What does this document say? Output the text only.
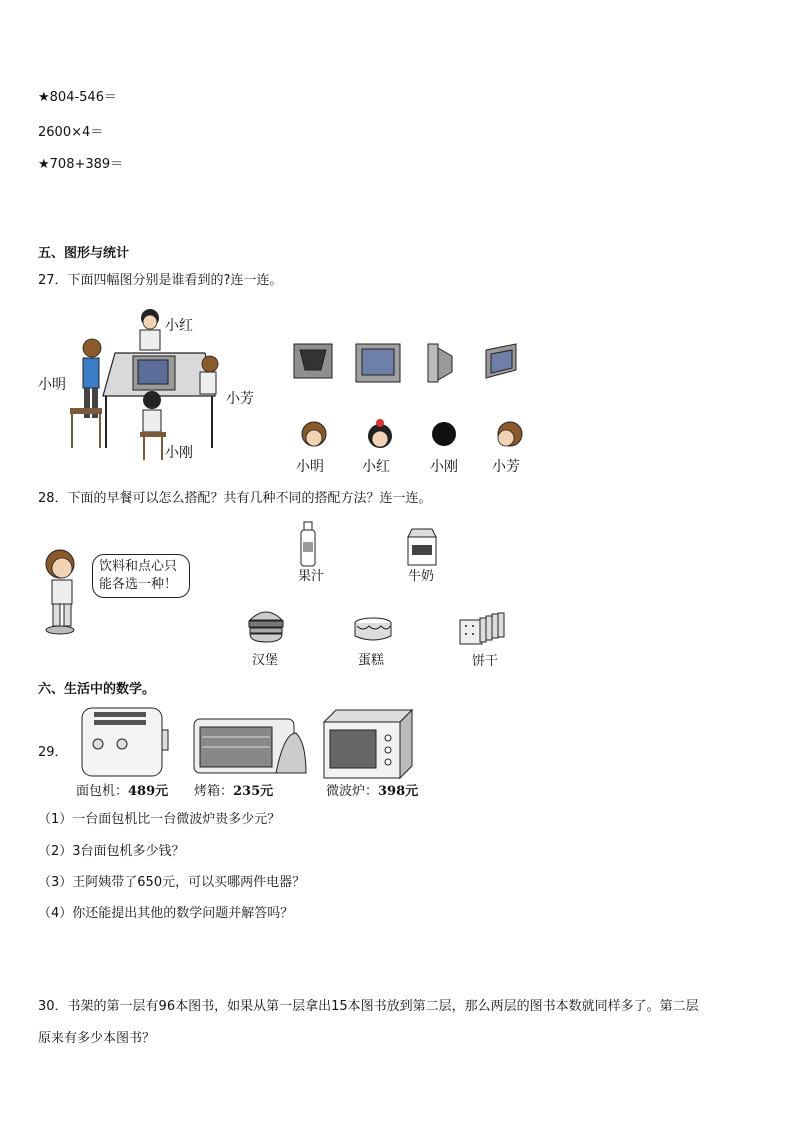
★804-546＝
2600×4＝
★708+389＝
五、图形与统计
27．下面四幅图分别是谁看到的?连一连。
小红
小明
小芳
小刚
小明	小红	小刚 小芳
28．下面的早餐可以怎么搭配？共有几种不同的搭配方法？连一连。
饮料和点心只
能各选一种！
果汁	牛奶
汉堡	蛋糕	饼干
六、生活中的数学。
29．
面包机：489元 烤箱：235元	微波炉：398元
（1）一台面包机比一台微波炉贵多少元？
（2）3台面包机多少钱？
（3）王阿姨带了650元，可以买哪两件电器？
（4）你还能提出其他的数学问题并解答吗？
30．书架的第一层有96本图书，如果从第一层拿出15本图书放到第二层，那么两层的图书本数就同样多了。第二层
原来有多少本图书？
